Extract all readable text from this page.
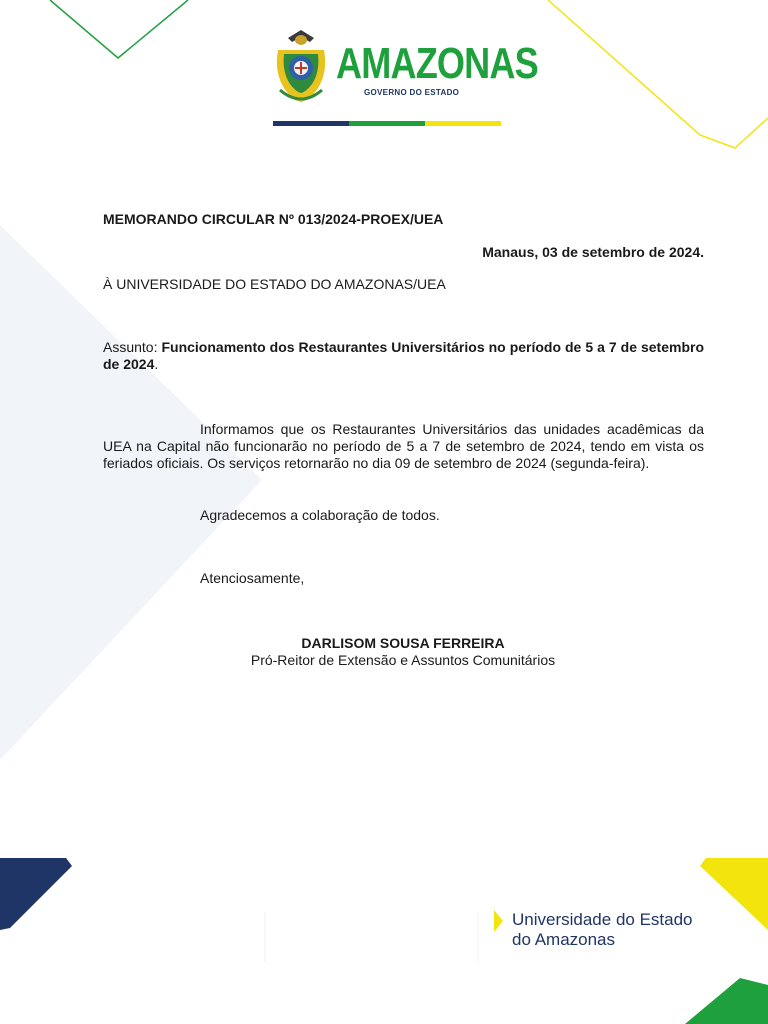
AMAZONAS
GOVERNO DO ESTADO
MEMORANDO CIRCULAR Nº 013/2024-PROEX/UEA
Manaus, 03 de setembro de 2024.
À UNIVERSIDADE DO ESTADO DO AMAZONAS/UEA
Assunto: Funcionamento dos Restaurantes Universitários no período de 5 a 7 de setembro de 2024.
Informamos que os Restaurantes Universitários das unidades acadêmicas da UEA na Capital não funcionarão no período de 5 a 7 de setembro de 2024, tendo em vista os feriados oficiais. Os serviços retornarão no dia 09 de setembro de 2024 (segunda-feira).
Agradecemos a colaboração de todos.
Atenciosamente,
DARLISOM SOUSA FERREIRA
Pró-Reitor de Extensão e Assuntos Comunitários
Universidade do Estado
do Amazonas
